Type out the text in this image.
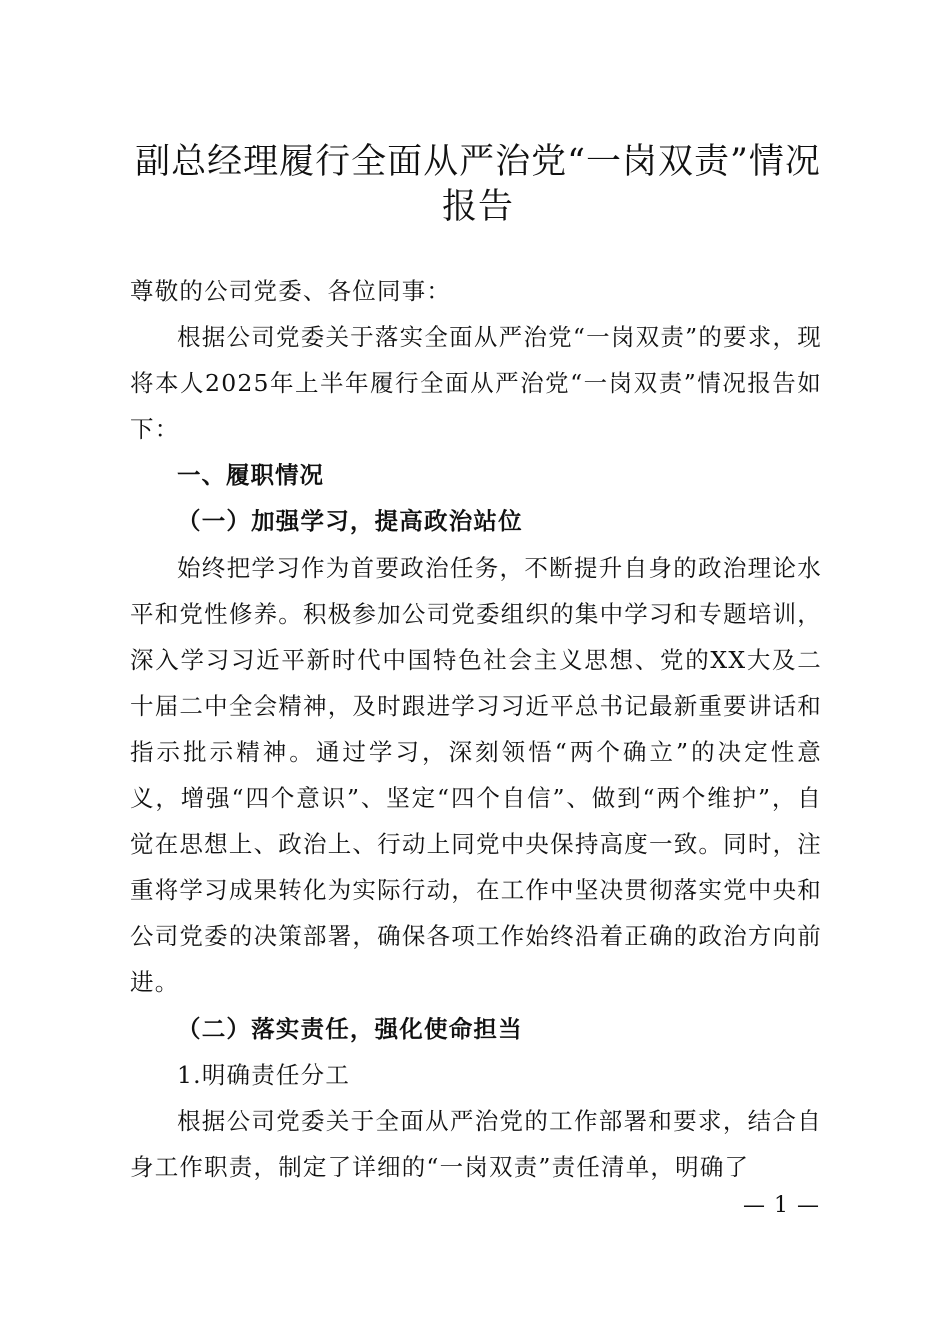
副总经理履行全面从严治党“一岗双责”情况报告

尊敬的公司党委、各位同事：

根据公司党委关于落实全面从严治党“一岗双责”的要求，现将本人2025年上半年履行全面从严治党“一岗双责”情况报告如下：

一、履职情况

（一）加强学习，提高政治站位

始终把学习作为首要政治任务，不断提升自身的政治理论水平和党性修养。积极参加公司党委组织的集中学习和专题培训，深入学习习近平新时代中国特色社会主义思想、党的XX大及二十届二中全会精神，及时跟进学习习近平总书记最新重要讲话和指示批示精神。通过学习，深刻领悟“两个确立”的决定性意义，增强“四个意识”、坚定“四个自信”、做到“两个维护”，自觉在思想上、政治上、行动上同党中央保持高度一致。同时，注重将学习成果转化为实际行动，在工作中坚决贯彻落实党中央和公司党委的决策部署，确保各项工作始终沿着正确的政治方向前进。

（二）落实责任，强化使命担当

1.明确责任分工

根据公司党委关于全面从严治党的工作部署和要求，结合自身工作职责，制定了详细的“一岗双责”责任清单，明确了

— 1 —
